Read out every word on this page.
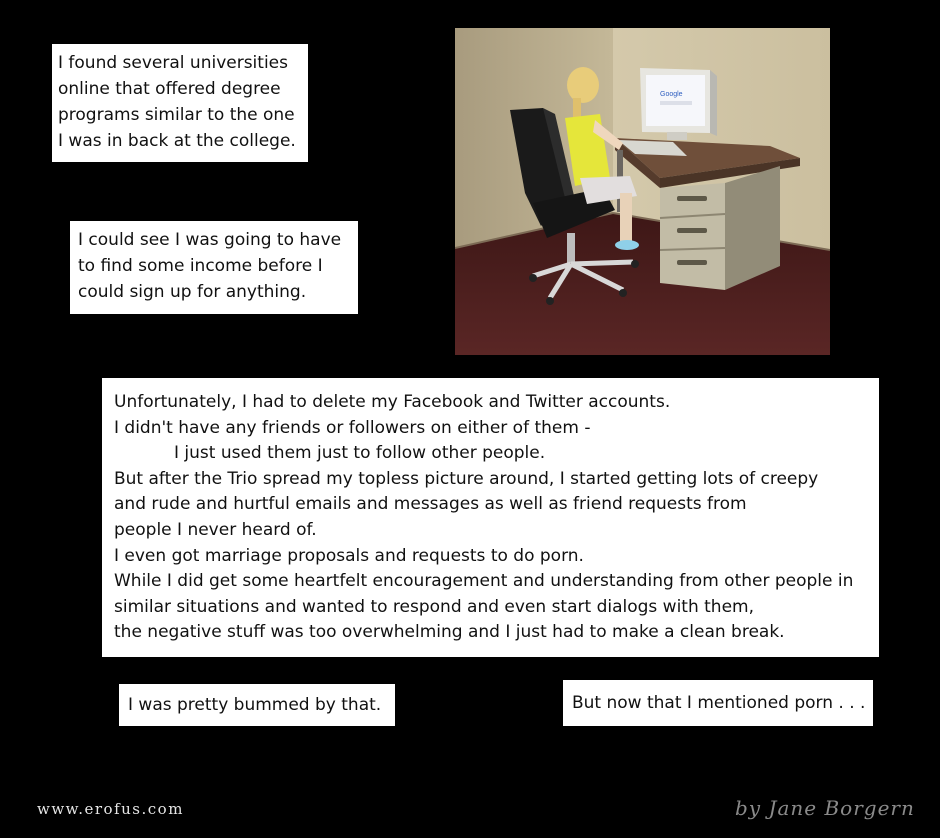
I found several universities
online that offered degree
programs similar to the one
I was in back at the college.
I could see I was going to have
to find some income before I
could sign up for anything.
Google
Unfortunately, I had to delete my Facebook and Twitter accounts.
I didn't have any friends or followers on either of them -
I just used them just to follow other people.
But after the Trio spread my topless picture around, I started getting lots of creepy
and rude and hurtful emails and messages as well as friend requests from
people I never heard of.
I even got marriage proposals and requests to do porn.
While I did get some heartfelt encouragement and understanding from other people in
similar situations and wanted to respond and even start dialogs with them,
the negative stuff was too overwhelming and I just had to make a clean break.
I was pretty bummed by that.	But now that I mentioned porn . . .
www.erofus.com	by Jane Borgern
